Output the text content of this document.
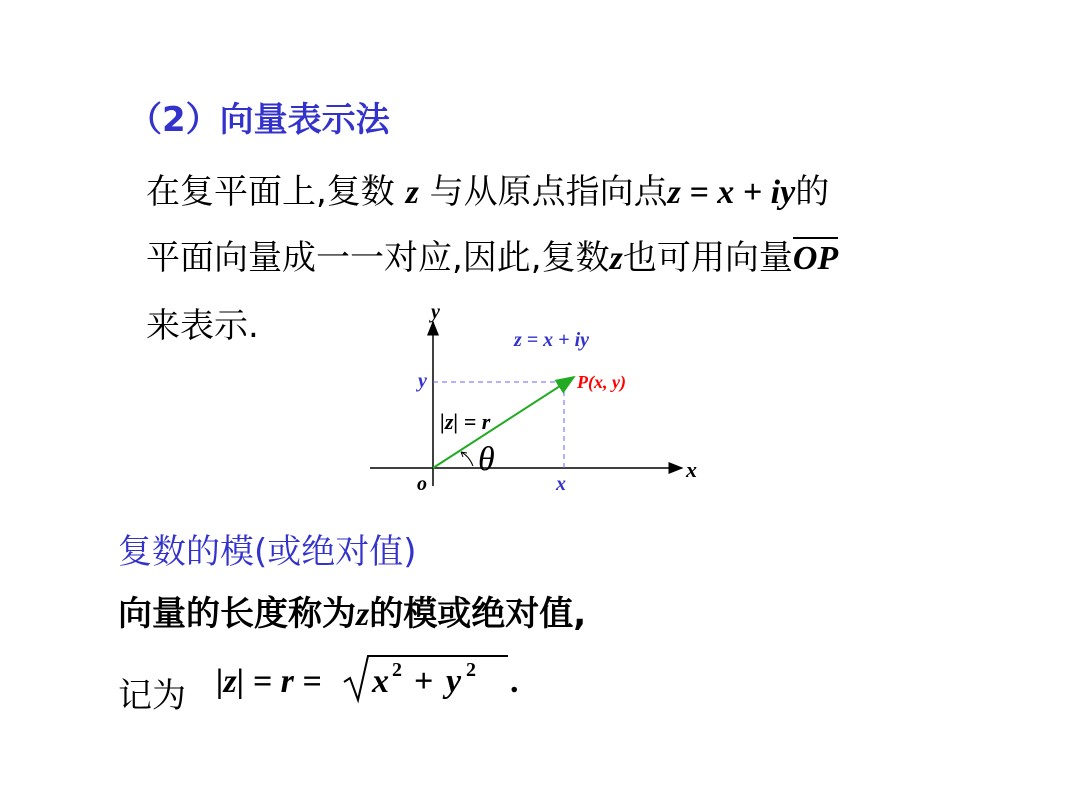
（2）向量表示法
在复平面上,复数 z 与从原点指向点z = x + iy的
平面向量成一一对应,因此,复数z也可用向量OP
来表示.	y
x
o	x
y
z = x + iy
P(x, y)
|z| = r
θ
复数的模(或绝对值)
向量的长度称为z的模或绝对值,
记为 |z| = r = x 2 + y 2 .
